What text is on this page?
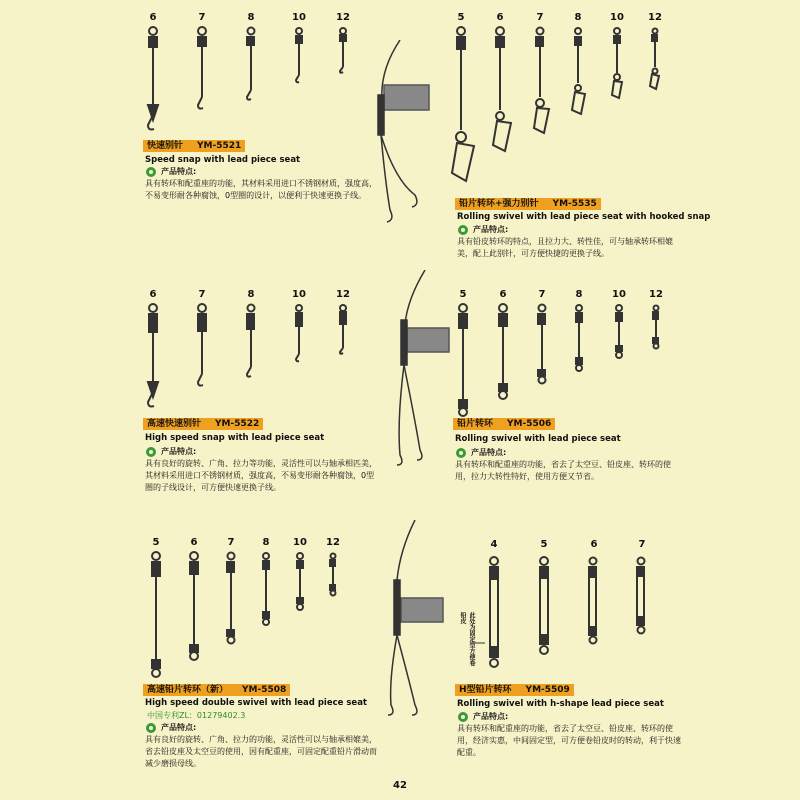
6	7	8	10	12
快速别针 YM-5521
Speed snap with lead piece seat
产品特点:
具有转环和配重座的功能，其材料采用进口不锈钢材质，强度高，不易变形耐各种腐蚀，0型圈的设计，以便利于快速更换子线。
5	6	7	8	10 12
铅片转环+强力别针 YM-5535
Rolling swivel with lead piece seat with hooked snap
产品特点:
具有铅皮转环的特点，且拉力大、转性佳，可与轴承转环相媲美，配上此别针，可方便快捷的更换子线。
6	7	8	10	12
高速快速别针 YM-5522
High speed snap with lead piece seat
产品特点:
具有良好的旋转、广角、拉力等功能，灵活性可以与轴承相匹美，其材料采用进口不锈钢材质，强度高，不易变形耐各种腐蚀，0型圈的子线设计，可方便快速更换子线。
5	6	7	8	10 12
铅片转环 YM-5506
Rolling swivel with lead piece seat
产品特点:
具有转环和配重座的功能，省去了太空豆、铅皮座、转环的使用，拉力大转性特好，使用方便又节省。
5	6	7	8 10 12
高速铅片转环（新） YM-5508
High speed double swivel with lead piece seat
中国专利ZL：01279402.3
产品特点:
具有良好的旋转、广角、拉力的功能，灵活性可以与轴承相媲美，省去铅皮座及太空豆的使用，因有配重座，可固定配重铅片滑动而减少磨损母线。
4	5	6	7
此处为固定型方便卷铅皮
H型铅片转环 YM-5509
Rolling swivel with h-shape lead piece seat
产品特点:
具有转环和配重座的功能，省去了太空豆、铅皮座、转环的使用，经济实惠，中间固定型，可方便卷铅皮时的转动，利于快速配重。
42
